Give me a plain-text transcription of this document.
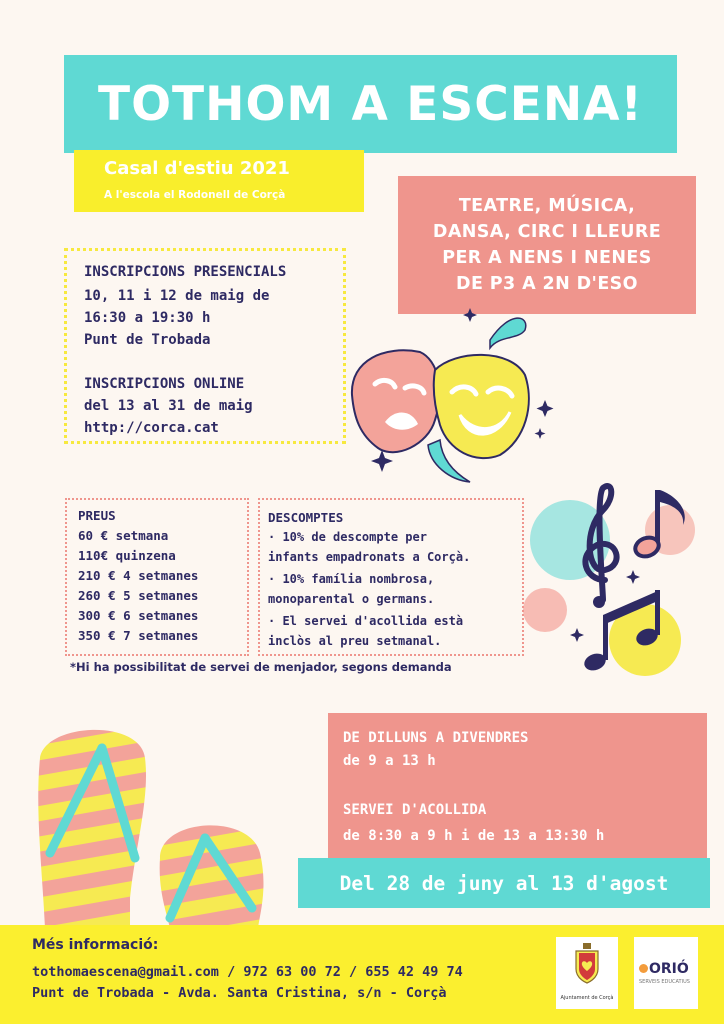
TOTHOM A ESCENA!
Casal d'estiu 2021
A l'escola el Rodonell de Corçà
TEATRE, MÚSICA,
DANSA, CIRC I LLEURE
PER A NENS I NENES
DE P3 A 2N D'ESO
INSCRIPCIONS PRESENCIALS
10, 11 i 12 de maig de
16:30 a 19:30 h
Punt de Trobada
INSCRIPCIONS ONLINE
del 13 al 31 de maig
http://corca.cat
PREUS
60 € setmana
110€ quinzena
210 € 4 setmanes
260 € 5 setmanes
300 € 6 setmanes
350 € 7 setmanes
DESCOMPTES
· 10% de descompte per
infants empadronats a Corçà.
· 10% família nombrosa,
monoparental o germans.
· El servei d'acollida està
inclòs al preu setmanal.
*Hi ha possibilitat de servei de menjador, segons demanda
DE DILLUNS A DIVENDRES
de 9 a 13 h
SERVEI D'ACOLLIDA
de 8:30 a 9 h i de 13 a 13:30 h
Del 28 de juny al 13 d'agost
Més informació:
tothomaescena@gmail.com / 972 63 00 72 / 655 42 49 74
Punt de Trobada - Avda. Santa Cristina, s/n - Corçà	Ajuntament de Corçà
ORIÓ
SERVEIS EDUCATIUS
